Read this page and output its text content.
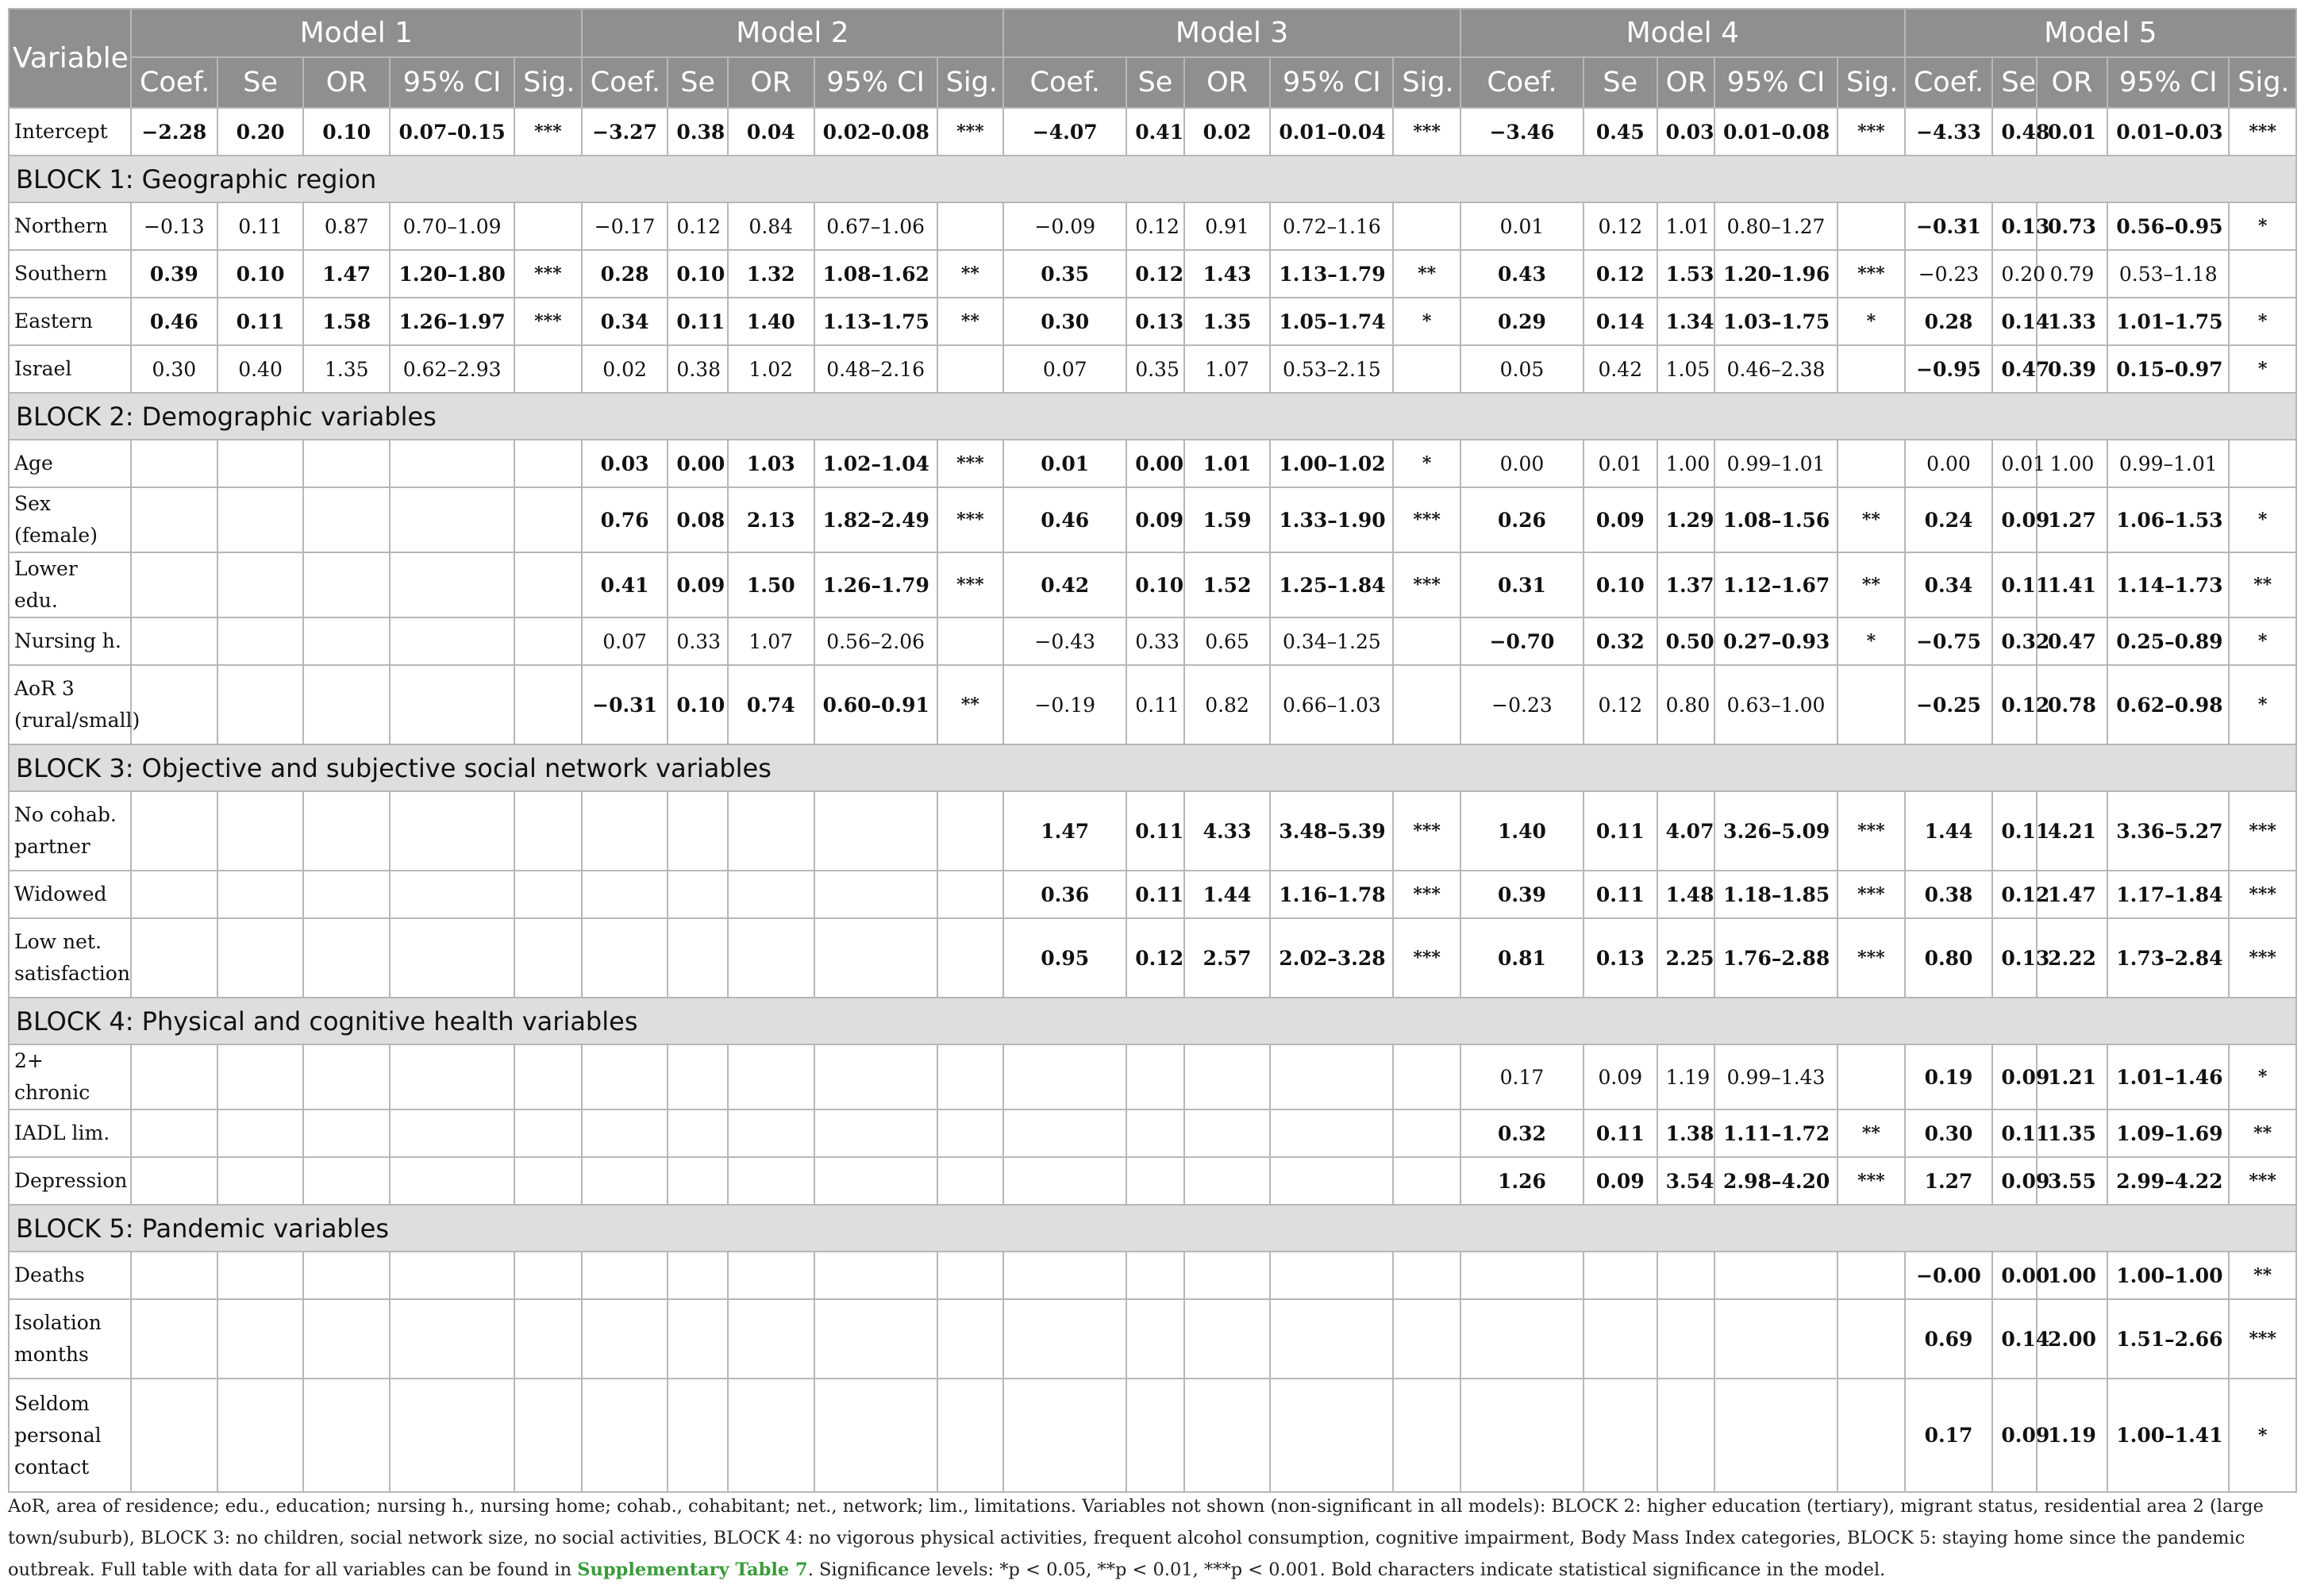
Variable	Model 1					Model 2					Model 3					Model 4					Model 5				
	Coef.	Se	OR	95% CI	Sig.	Coef.	Se	OR	95% CI	Sig.	Coef.	Se	OR	95% CI	Sig.	Coef.	Se	OR	95% CI	Sig.	Coef.	Se	OR	95% CI	Sig.
Intercept	−2.28	0.20	0.10	0.07–0.15	***	−3.27	0.38	0.04	0.02–0.08	***	−4.07	0.41	0.02	0.01–0.04	***	−3.46	0.45	0.03	0.01–0.08	***	−4.33	0.48	0.01	0.01–0.03	***
BLOCK 1: Geographic region																									
Northern	−0.13	0.11	0.87	0.70–1.09		−0.17	0.12	0.84	0.67–1.06		−0.09	0.12	0.91	0.72–1.16		0.01	0.12	1.01	0.80–1.27		−0.31	0.13	0.73	0.56–0.95	*
Southern	0.39	0.10	1.47	1.20–1.80	***	0.28	0.10	1.32	1.08–1.62	**	0.35	0.12	1.43	1.13–1.79	**	0.43	0.12	1.53	1.20–1.96	***	−0.23	0.20	0.79	0.53–1.18	
Eastern	0.46	0.11	1.58	1.26–1.97	***	0.34	0.11	1.40	1.13–1.75	**	0.30	0.13	1.35	1.05–1.74	*	0.29	0.14	1.34	1.03–1.75	*	0.28	0.14	1.33	1.01–1.75	*
Israel	0.30	0.40	1.35	0.62–2.93		0.02	0.38	1.02	0.48–2.16		0.07	0.35	1.07	0.53–2.15		0.05	0.42	1.05	0.46–2.38		−0.95	0.47	0.39	0.15–0.97	*
BLOCK 2: Demographic variables																									
Age						0.03	0.00	1.03	1.02–1.04	***	0.01	0.00	1.01	1.00–1.02	*	0.00	0.01	1.00	0.99–1.01		0.00	0.01	1.00	0.99–1.01	
Sex (female)						0.76	0.08	2.13	1.82–2.49	***	0.46	0.09	1.59	1.33–1.90	***	0.26	0.09	1.29	1.08–1.56	**	0.24	0.09	1.27	1.06–1.53	*
Lower edu.						0.41	0.09	1.50	1.26–1.79	***	0.42	0.10	1.52	1.25–1.84	***	0.31	0.10	1.37	1.12–1.67	**	0.34	0.11	1.41	1.14–1.73	**
Nursing h.						0.07	0.33	1.07	0.56–2.06		−0.43	0.33	0.65	0.34–1.25		−0.70	0.32	0.50	0.27–0.93	*	−0.75	0.32	0.47	0.25–0.89	*
AoR 3 (rural/small)						−0.31	0.10	0.74	0.60–0.91	**	−0.19	0.11	0.82	0.66–1.03		−0.23	0.12	0.80	0.63–1.00		−0.25	0.12	0.78	0.62–0.98	*
BLOCK 3: Objective and subjective social network variables																									
No cohab. partner											1.47	0.11	4.33	3.48–5.39	***	1.40	0.11	4.07	3.26–5.09	***	1.44	0.11	4.21	3.36–5.27	***
Widowed											0.36	0.11	1.44	1.16–1.78	***	0.39	0.11	1.48	1.18–1.85	***	0.38	0.12	1.47	1.17–1.84	***
Low net. satisfaction											0.95	0.12	2.57	2.02–3.28	***	0.81	0.13	2.25	1.76–2.88	***	0.80	0.13	2.22	1.73–2.84	***
BLOCK 4: Physical and cognitive health variables																									
2+ chronic																0.17	0.09	1.19	0.99–1.43		0.19	0.09	1.21	1.01–1.46	*
IADL lim.																0.32	0.11	1.38	1.11–1.72	**	0.30	0.11	1.35	1.09–1.69	**
Depression																1.26	0.09	3.54	2.98–4.20	***	1.27	0.09	3.55	2.99–4.22	***
BLOCK 5: Pandemic variables																									
Deaths																					−0.00	0.00	1.00	1.00–1.00	**
Isolation months																					0.69	0.14	2.00	1.51–2.66	***
Seldom personal contact																					0.17	0.09	1.19	1.00–1.41	*
AoR, area of residence; edu., education; nursing h., nursing home; cohab., cohabitant; net., network; lim., limitations. Variables not shown (non-significant in all models): BLOCK 2: higher education (tertiary), migrant status, residential area 2 (large town/suburb), BLOCK 3: no children, social network size, no social activities, BLOCK 4: no vigorous physical activities, frequent alcohol consumption, cognitive impairment, Body Mass Index categories, BLOCK 5: staying home since the pandemic outbreak. Full table with data for all variables can be found in Supplementary Table 7. Significance levels: *p < 0.05, **p < 0.01, ***p < 0.001. Bold characters indicate statistical significance in the model.
